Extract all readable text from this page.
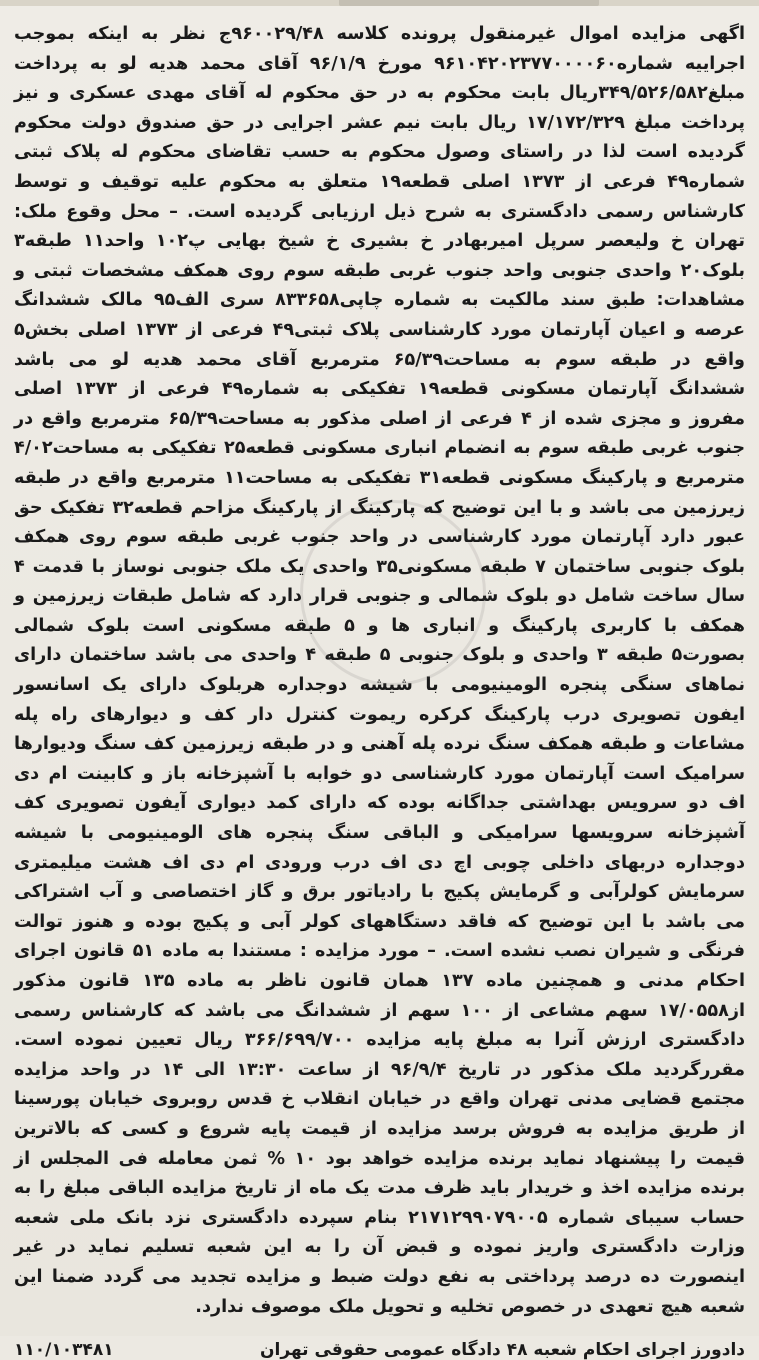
اگهی مزایده اموال غیرمنقول پرونده کلاسه ۹۶۰۰۲۹/۴۸ج نظر به اینکه بموجب اجراییه شماره۹۶۱۰۴۲۰۲۳۷۷۰۰۰۰۶۰ مورخ ۹۶/۱/۹ آقای محمد هدیه لو به پرداخت مبلغ۳۴۹/۵۲۶/۵۸۲ریال بابت محکوم به در حق محکوم له آقای مهدی عسکری و نیز پرداخت مبلغ ۱۷/۱۷۲/۳۲۹ ریال بابت نیم عشر اجرایی در حق صندوق دولت محکوم گردیده است لذا در راستای وصول محکوم به حسب تقاضای محکوم له پلاک ثبتی شماره۴۹ فرعی از ۱۳۷۳ اصلی قطعه۱۹ متعلق به محکوم علیه توقیف و توسط کارشناس رسمی دادگستری به شرح ذیل ارزیابی گردیده است. – محل وقوع ملک: تهران خ ولیعصر سرپل امیربهادر خ بشیری خ شیخ بهایی پ۱۰۲ واحد۱۱ طبقه۳ بلوک۲۰ واحدی جنوبی واحد جنوب غربی طبقه سوم روی همکف مشخصات ثبتی و مشاهدات: طبق سند مالکیت به شماره چاپی۸۳۳۶۵۸ سری الف۹۵ مالک ششدانگ عرصه و اعیان آپارتمان مورد کارشناسی پلاک ثبتی۴۹ فرعی از ۱۳۷۳ اصلی بخش۵ واقع در طبقه سوم به مساحت۶۵/۳۹ مترمربع آقای محمد هدیه لو می باشد ششدانگ آپارتمان مسکونی قطعه۱۹ تفکیکی به شماره۴۹ فرعی از ۱۳۷۳ اصلی مفروز و مجزی شده از ۴ فرعی از اصلی مذکور به مساحت۶۵/۳۹ مترمربع واقع در جنوب غربی طبقه سوم به انضمام انباری مسکونی قطعه۲۵ تفکیکی به مساحت۴/۰۲ مترمربع و پارکینگ مسکونی قطعه۳۱ تفکیکی به مساحت۱۱ مترمربع واقع در طبقه زیرزمین می باشد و با این توضیح که پارکینگ از پارکینگ مزاحم قطعه۳۲ تفکیک حق عبور دارد آپارتمان مورد کارشناسی در واحد جنوب غربی طبقه سوم روی همکف بلوک جنوبی ساختمان ۷ طبقه مسکونی۳۵ واحدی یک ملک جنوبی نوساز با قدمت ۴ سال ساخت شامل دو بلوک شمالی و جنوبی قرار دارد که شامل طبقات زیرزمین و همکف با کاربری پارکینگ و انباری ها و ۵ طبقه مسکونی است بلوک شمالی بصورت۵ طبقه ۳ واحدی و بلوک جنوبی ۵ طبقه ۴ واحدی می باشد ساختمان دارای نماهای سنگی پنجره الومینیومی با شیشه دوجداره هربلوک دارای یک اسانسور ایفون تصویری درب پارکینگ کرکره ریموت کنترل دار کف و دیوارهای راه پله مشاعات و طبقه همکف سنگ نرده پله آهنی و در طبقه زیرزمین کف سنگ ودیوارها سرامیک است آپارتمان مورد کارشناسی دو خوابه با آشپزخانه باز و کابینت ام دی اف دو سرویس بهداشتی جداگانه بوده که دارای کمد دیواری آیفون تصویری کف آشپزخانه سرویسها سرامیکی و الباقی سنگ پنجره های الومینیومی با شیشه دوجداره دربهای داخلی چوبی اچ دی اف درب ورودی ام دی اف هشت میلیمتری سرمایش کولرآبی و گرمایش پکیج با رادیاتور برق و گاز اختصاصی و آب اشتراکی می باشد با این توضیح که فاقد دستگاههای کولر آبی و پکیج بوده و هنوز توالت فرنگی و شیران نصب نشده است. – مورد مزایده : مستندا به ماده ۵۱ قانون اجرای احکام مدنی و همچنین ماده ۱۳۷ همان قانون ناظر به ماده ۱۳۵ قانون مذکور از۱۷/۰۵۵۸ سهم مشاعی از ۱۰۰ سهم از ششدانگ می باشد که کارشناس رسمی دادگستری ارزش آنرا به مبلغ پایه مزایده ۳۶۶/۶۹۹/۷۰۰ ریال تعیین نموده است. مقررگردید ملک مذکور در تاریخ ۹۶/۹/۴ از ساعت ۱۳:۳۰ الی ۱۴ در واحد مزایده مجتمع قضایی مدنی تهران واقع در خیابان انقلاب خ قدس روبروی خیابان پورسینا از طریق مزایده به فروش برسد مزایده از قیمت پایه شروع و کسی که بالاترین قیمت را پیشنهاد نماید برنده مزایده خواهد بود ۱۰ % ثمن معامله فی المجلس از برنده مزایده اخذ و خریدار باید ظرف مدت یک ماه از تاریخ مزایده الباقی مبلغ را به حساب سیبای شماره ۲۱۷۱۲۹۹۰۷۹۰۰۵ بنام سپرده دادگستری نزد بانک ملی شعبه وزارت دادگستری واریز نموده و قبض آن را به این شعبه تسلیم نماید در غیر اینصورت ده درصد پرداختی به نفع دولت ضبط و مزایده تجدید می گردد ضمنا این شعبه هیچ تعهدی در خصوص تخلیه و تحویل ملک موصوف ندارد.

دادورز اجرای احکام شعبه ۴۸ دادگاه عمومی حقوقی تهران
۱۱۰/۱۰۳۴۸۱
